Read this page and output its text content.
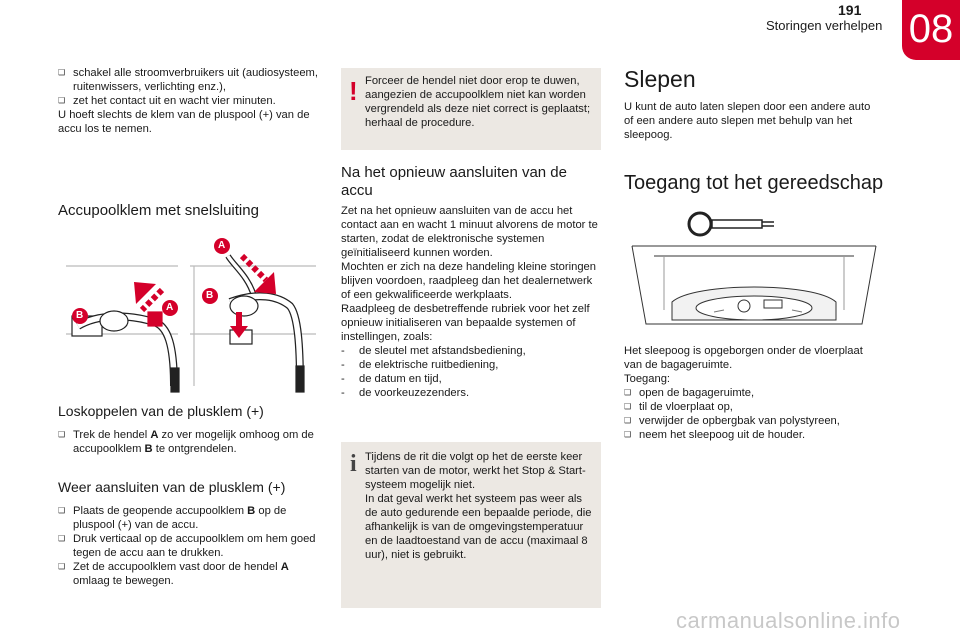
191
Storingen verhelpen 08
❑ schakel alle stroomverbruikers uit (audiosysteem, ruitenwissers, verlichting enz.),
❑ zet het contact uit en wacht vier minuten.
U hoeft slechts de klem van de pluspool (+) van de accu los te nemen.
Accupoolklem met snelsluiting
B
A
A
B
Loskoppelen van de plusklem (+)
❑ Trek de hendel A zo ver mogelijk omhoog om de accupoolklem B te ontgrendelen.
Weer aansluiten van de plusklem (+)
❑ Plaats de geopende accupoolklem B op de pluspool (+) van de accu.
❑ Druk verticaal op de accupoolklem om hem goed tegen de accu aan te drukken.
❑ Zet de accupoolklem vast door de hendel A omlaag te bewegen.
! Forceer de hendel niet door erop te duwen, aangezien de accupoolklem niet kan worden vergrendeld als deze niet correct is geplaatst; herhaal de procedure.
Na het opnieuw aansluiten van de accu
Zet na het opnieuw aansluiten van de accu het contact aan en wacht 1 minuut alvorens de motor te starten, zodat de elektronische systemen geïnitialiseerd kunnen worden.
Mochten er zich na deze handeling kleine storingen blijven voordoen, raadpleeg dan het dealernetwerk of een gekwalificeerde werkplaats.
Raadpleeg de desbetreffende rubriek voor het zelf opnieuw initialiseren van bepaalde systemen of instellingen, zoals:
- de sleutel met afstandsbediening,
- de elektrische ruitbediening,
- de datum en tijd,
- de voorkeuzezenders.
i Tijdens de rit die volgt op het de eerste keer starten van de motor, werkt het Stop & Start-systeem mogelijk niet.
In dat geval werkt het systeem pas weer als de auto gedurende een bepaalde periode, die afhankelijk is van de omgevingstemperatuur en de laadtoestand van de accu (maximaal 8 uur), niet is gebruikt.
Slepen
U kunt de auto laten slepen door een andere auto of een andere auto slepen met behulp van het sleepoog.
Toegang tot het gereedschap
Het sleepoog is opgeborgen onder de vloerplaat van de bagageruimte.
Toegang:
❑ open de bagageruimte,
❑ til de vloerplaat op,
❑ verwijder de opbergbak van polystyreen,
❑ neem het sleepoog uit de houder.
carmanualsonline.info
